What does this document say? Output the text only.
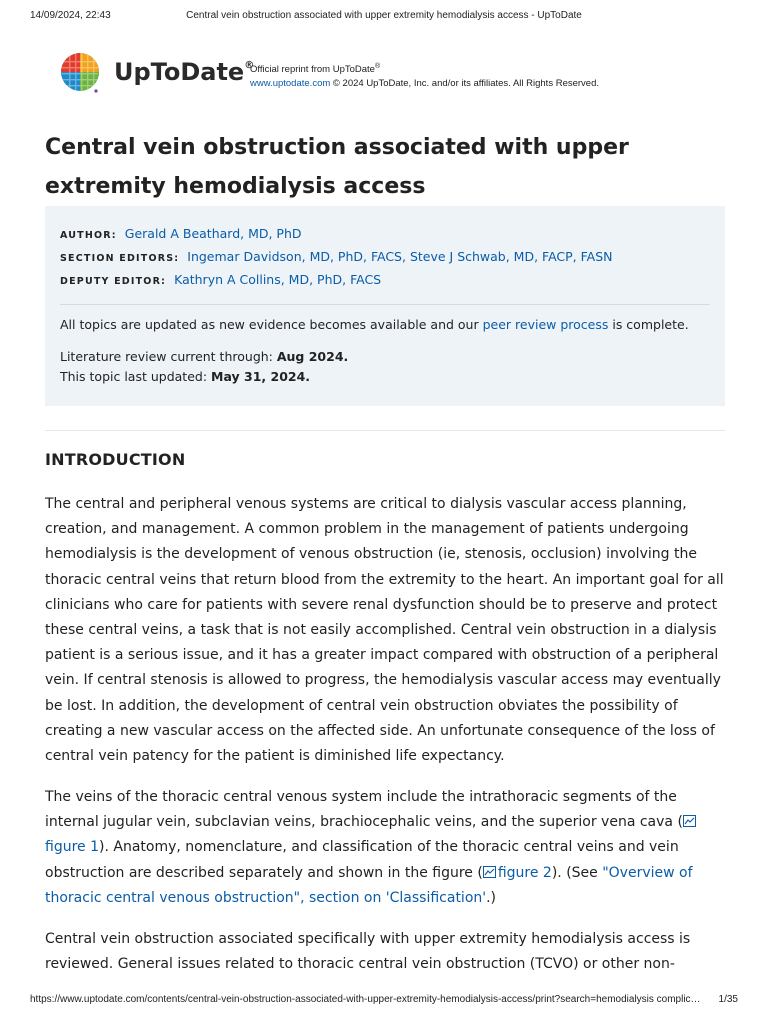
14/09/2024, 22:43	Central vein obstruction associated with upper extremity hemodialysis access - UpToDate
UpToDate®
Official reprint from UpToDate®
www.uptodate.com © 2024 UpToDate, Inc. and/or its affiliates. All Rights Reserved.
Central vein obstruction associated with upper extremity hemodialysis access
AUTHOR: Gerald A Beathard, MD, PhD
SECTION EDITORS: Ingemar Davidson, MD, PhD, FACS, Steve J Schwab, MD, FACP, FASN
DEPUTY EDITOR: Kathryn A Collins, MD, PhD, FACS
All topics are updated as new evidence becomes available and our peer review process is complete.
Literature review current through: Aug 2024.
This topic last updated: May 31, 2024.
INTRODUCTION

The central and peripheral venous systems are critical to dialysis vascular access planning, creation, and management. A common problem in the management of patients undergoing hemodialysis is the development of venous obstruction (ie, stenosis, occlusion) involving the thoracic central veins that return blood from the extremity to the heart. An important goal for all clinicians who care for patients with severe renal dysfunction should be to preserve and protect these central veins, a task that is not easily accomplished. Central vein obstruction in a dialysis patient is a serious issue, and it has a greater impact compared with obstruction of a peripheral vein. If central stenosis is allowed to progress, the hemodialysis vascular access may eventually be lost. In addition, the development of central vein obstruction obviates the possibility of creating a new vascular access on the affected side. An unfortunate consequence of the loss of central vein patency for the patient is diminished life expectancy.

The veins of the thoracic central venous system include the intrathoracic segments of the internal jugular vein, subclavian veins, brachiocephalic veins, and the superior vena cava (figure 1). Anatomy, nomenclature, and classification of the thoracic central veins and vein obstruction are described separately and shown in the figure ( figure 2). (See "Overview of thoracic central venous obstruction", section on 'Classification'.)

Central vein obstruction associated specifically with upper extremity hemodialysis access is reviewed. General issues related to thoracic central vein obstruction (TCVO) or other non-

https://www.uptodate.com/contents/central-vein-obstruction-associated-with-upper-extremity-hemodialysis-access/print?search=hemodialysis complic… 1/35
